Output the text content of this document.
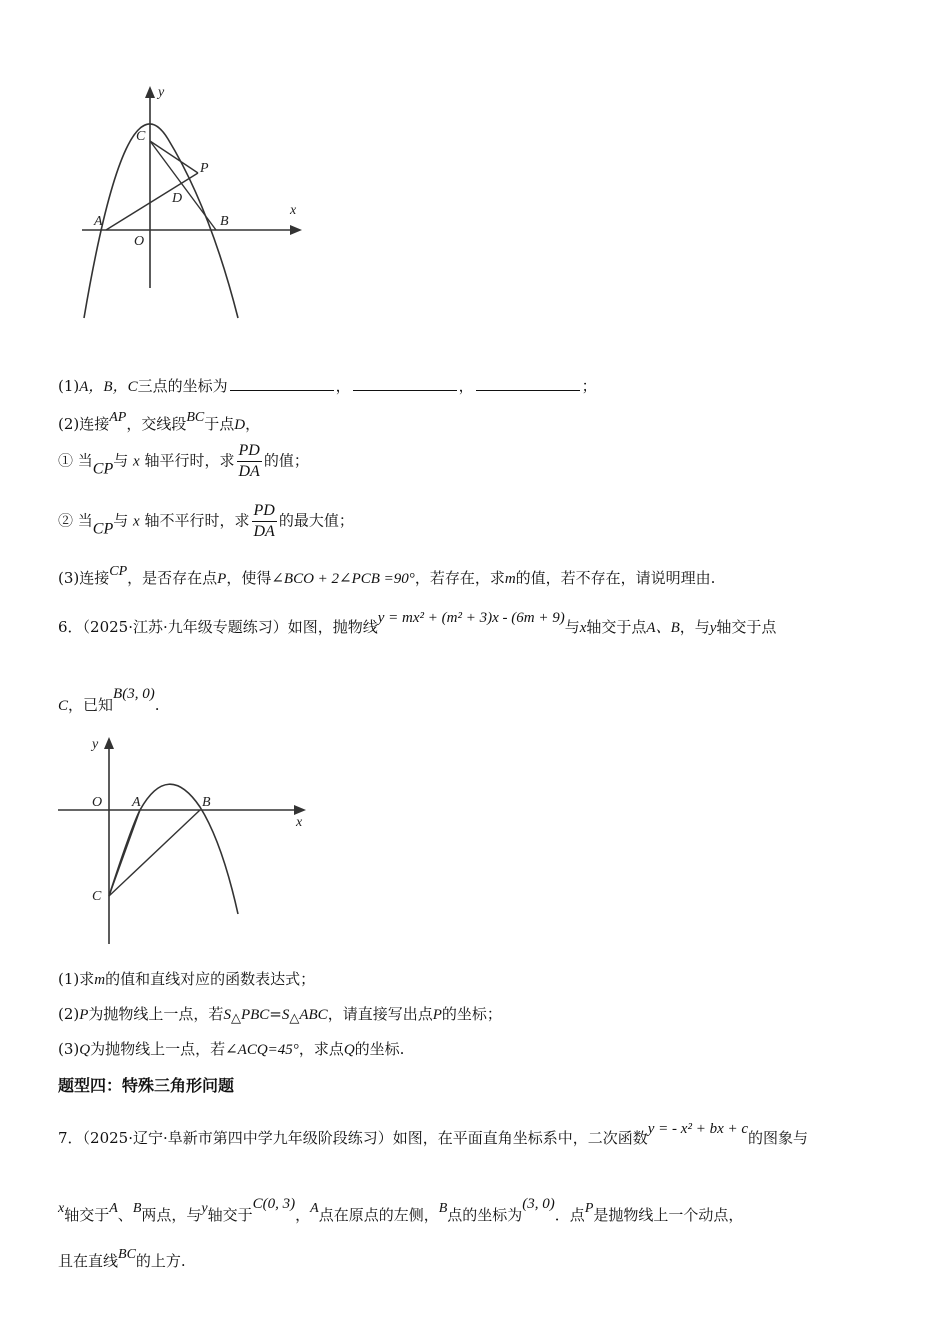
y
x
C
P
D
A	B
O
(1)A，B，C三点的坐标为	，	，	；
(2)连接AP，交线段BC于点D，
① 当CP与 x 轴平行时，求 $\frac{PD}{DA}$ 的值；
② 当CP与 x 轴不平行时，求 $\frac{PD}{DA}$ 的最大值；
(3)连接CP，是否存在点P，使得∠BCO + 2∠PCB =90°，若存在，求m的值，若不存在，请说明理由.
6．（2025·江苏·九年级专题练习）如图，抛物线y = mx² + (m² + 3)x - (6m + 9)与x轴交于点A、B，与y轴交于点
C，已知B(3, 0).
y
x
O A	B
C
(1)求m的值和直线对应的函数表达式；
(2)P为抛物线上一点，若S△PBC=S△ABC，请直接写出点P的坐标；
(3)Q为抛物线上一点，若∠ACQ=45°，求点Q的坐标.
题型四：特殊三角形问题
7．（2025·辽宁·阜新市第四中学九年级阶段练习）如图，在平面直角坐标系中，二次函数y = - x² + bx + c的图象与
x轴交于A、B两点，与y轴交于C(0, 3)，A点在原点的左侧，B点的坐标为(3, 0)．点P是抛物线上一个动点，
且在直线BC的上方.
